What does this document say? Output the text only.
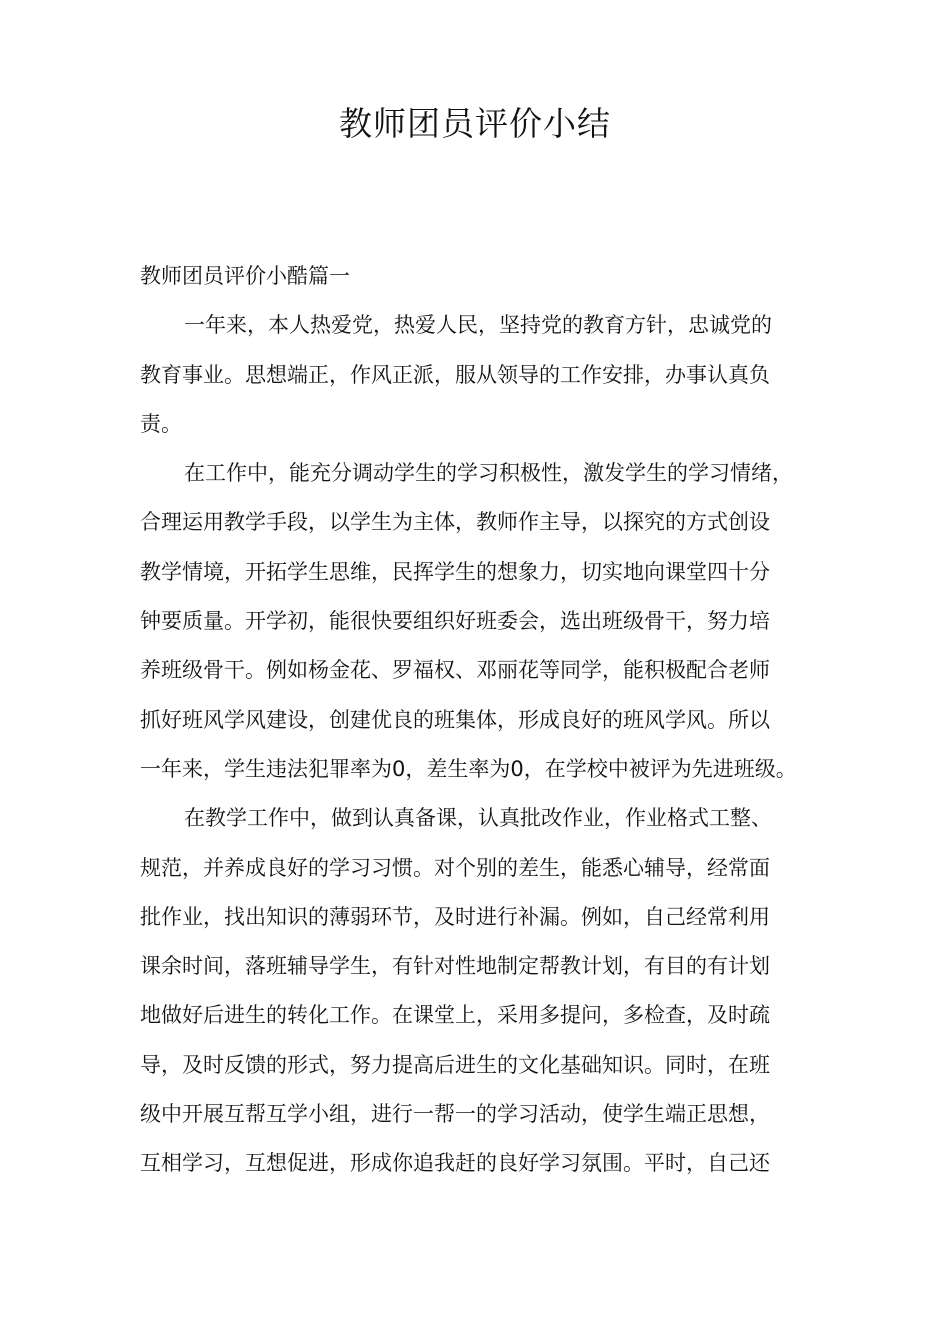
教师团员评价小结
教师团员评价小酷篇一
一年来，本人热爱党，热爱人民，坚持党的教育方针，忠诚党的
教育事业。思想端正，作风正派，服从领导的工作安排，办事认真负
责。
在工作中，能充分调动学生的学习积极性，激发学生的学习情绪，
合理运用教学手段，以学生为主体，教师作主导，以探究的方式创设
教学情境，开拓学生思维，民挥学生的想象力，切实地向课堂四十分
钟要质量。开学初，能很快要组织好班委会，选出班级骨干，努力培
养班级骨干。例如杨金花、罗福权、邓丽花等同学，能积极配合老师
抓好班风学风建设，创建优良的班集体，形成良好的班风学风。所以
一年来，学生违法犯罪率为0，差生率为0，在学校中被评为先进班级。
在教学工作中，做到认真备课，认真批改作业，作业格式工整、
规范，并养成良好的学习习惯。对个别的差生，能悉心辅导，经常面
批作业，找出知识的薄弱环节，及时进行补漏。例如，自己经常利用
课余时间，落班辅导学生，有针对性地制定帮教计划，有目的有计划
地做好后进生的转化工作。在课堂上，采用多提问，多检查，及时疏
导，及时反馈的形式，努力提高后进生的文化基础知识。同时，在班
级中开展互帮互学小组，进行一帮一的学习活动，使学生端正思想，
互相学习，互想促进，形成你追我赶的良好学习氛围。平时，自己还
